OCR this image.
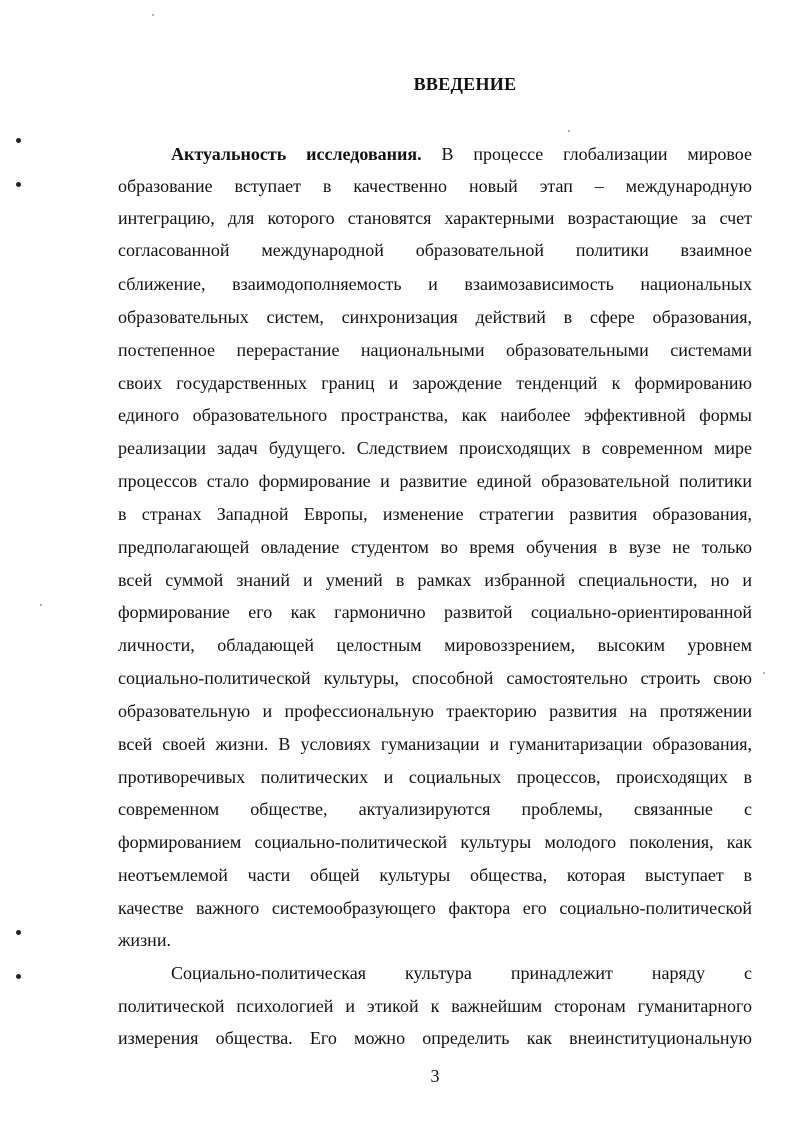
ВВЕДЕНИЕ
Актуальность исследования. В процессе глобализации мировое
образование вступает в качественно новый этап – международную
интеграцию, для которого становятся характерными возрастающие за счет
согласованной международной образовательной политики взаимное
сближение, взаимодополняемость и взаимозависимость национальных
образовательных систем, синхронизация действий в сфере образования,
постепенное перерастание национальными образовательными системами
своих государственных границ и зарождение тенденций к формированию
единого образовательного пространства, как наиболее эффективной формы
реализации задач будущего. Следствием происходящих в современном мире
процессов стало формирование и развитие единой образовательной политики
в странах Западной Европы, изменение стратегии развития образования,
предполагающей овладение студентом во время обучения в вузе не только
всей суммой знаний и умений в рамках избранной специальности, но и
формирование его как гармонично развитой социально-ориентированной
личности, обладающей целостным мировоззрением, высоким уровнем
социально-политической культуры, способной самостоятельно строить свою
образовательную и профессиональную траекторию развития на протяжении
всей своей жизни. В условиях гуманизации и гуманитаризации образования,
противоречивых политических и социальных процессов, происходящих в
современном обществе, актуализируются проблемы, связанные с
формированием социально-политической культуры молодого поколения, как
неотъемлемой части общей культуры общества, которая выступает в
качестве важного системообразующего фактора его социально-политической
жизни.
Социально-политическая культура принадлежит наряду с
политической психологией и этикой к важнейшим сторонам гуманитарного
измерения общества. Его можно определить как внеинституциональную
3
